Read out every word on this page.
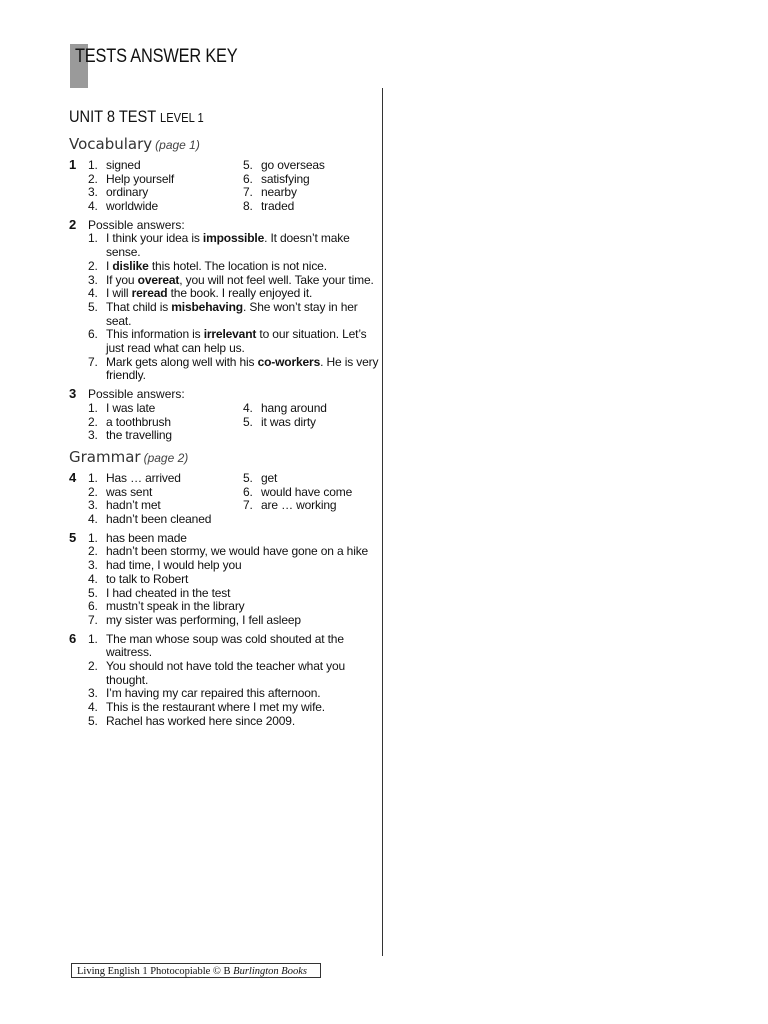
TESTS ANSWER KEY
UNIT 8 TEST LEVEL 1
Vocabulary (page 1)
1 1. signed
2. Help yourself
3. ordinary
4. worldwide
5. go overseas
6. satisfying
7. nearby
8. traded
2 Possible answers:
1. I think your idea is impossible. It doesn’t make sense.
2. I dislike this hotel. The location is not nice.
3. If you overeat, you will not feel well. Take your time.
4. I will reread the book. I really enjoyed it.
5. That child is misbehaving. She won’t stay in her seat.
6. This information is irrelevant to our situation. Let’s just read what can help us.
7. Mark gets along well with his co-workers. He is very friendly.
3 Possible answers:
1. I was late
2. a toothbrush
3. the travelling
4. hang around
5. it was dirty
Grammar (page 2)
4 1. Has … arrived
2. was sent
3. hadn’t met
4. hadn’t been cleaned
5. get
6. would have come
7. are … working
5 1. has been made
2. hadn’t been stormy, we would have gone on a hike
3. had time, I would help you
4. to talk to Robert
5. I had cheated in the test
6. mustn’t speak in the library
7. my sister was performing, I fell asleep
6 1. The man whose soup was cold shouted at the waitress.
2. You should not have told the teacher what you thought.
3. I’m having my car repaired this afternoon.
4. This is the restaurant where I met my wife.
5. Rachel has worked here since 2009.
Living English 1 Photocopiable © B Burlington Books
